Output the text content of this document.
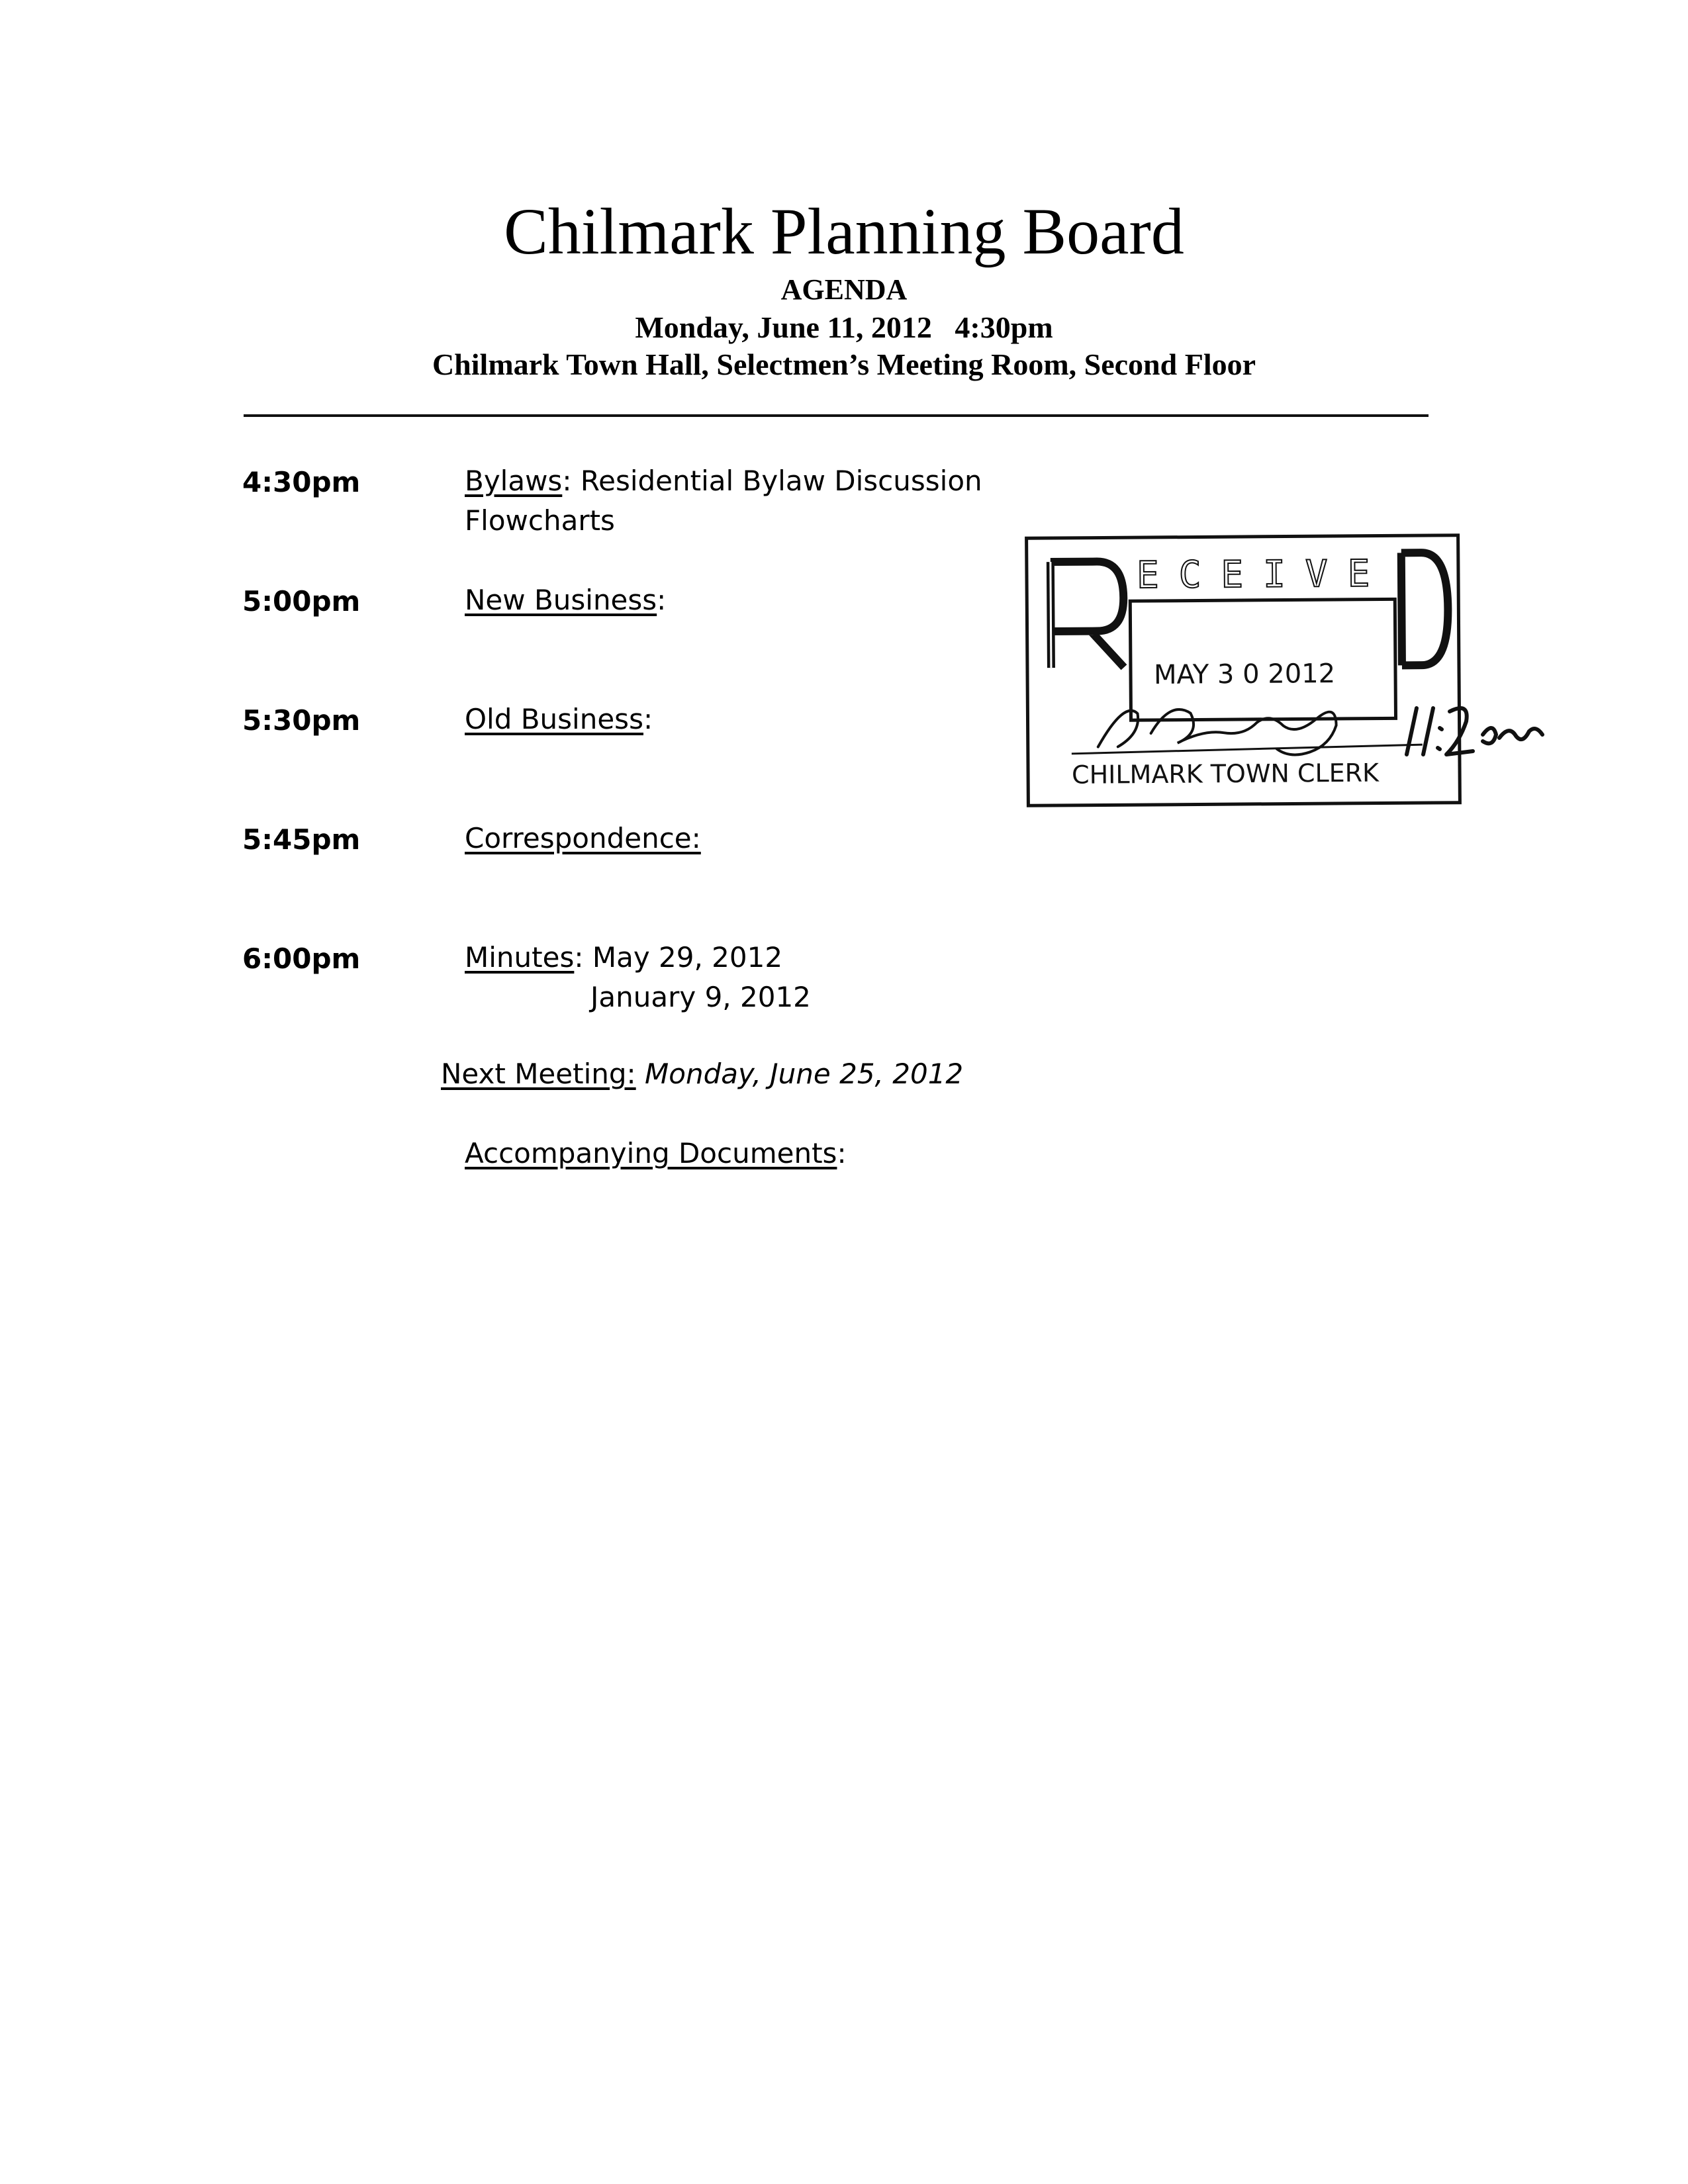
Chilmark Planning Board
AGENDA
Monday, June 11, 2012   4:30pm
Chilmark Town Hall, Selectmen’s Meeting Room, Second Floor
4:30pm	Bylaws: Residential Bylaw Discussion
Flowcharts
5:00pm	New Business:
5:30pm	Old Business:
5:45pm	Correspondence:
6:00pm	Minutes: May 29, 2012
January 9, 2012
Next Meeting: Monday, June 25, 2012
Accompanying Documents:
ECEIVE
MAY 3 0 2012
CHILMARK TOWN CLERK
